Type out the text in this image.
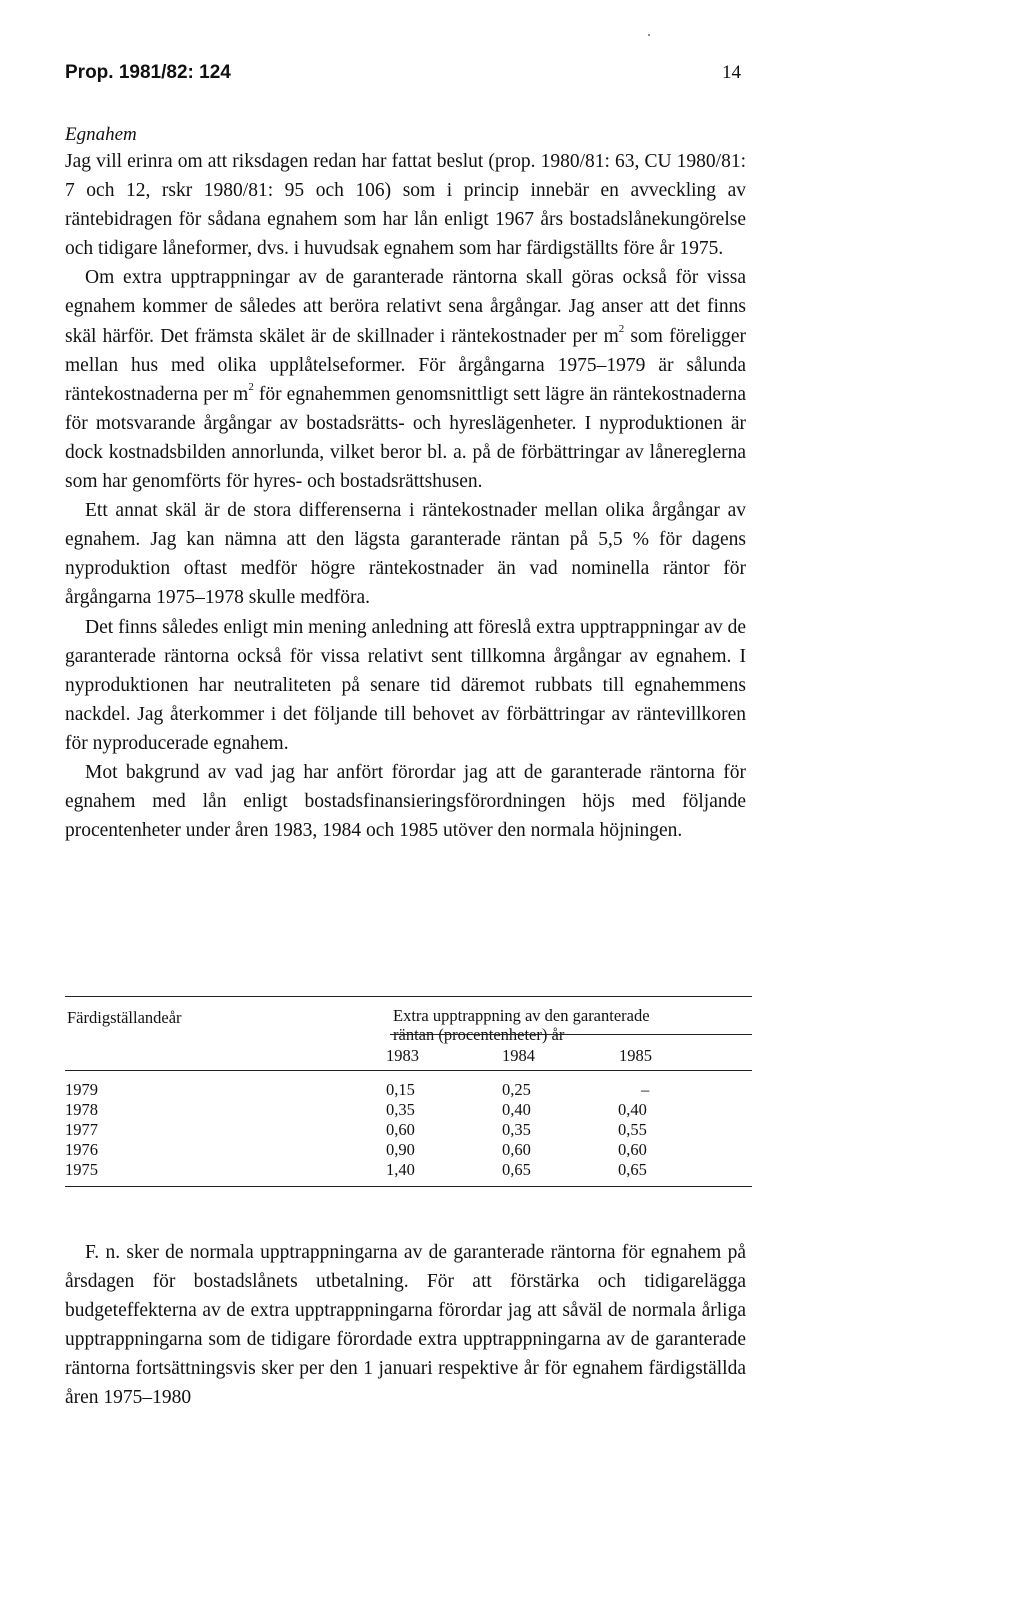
Prop. 1981/82: 124	14
Egnahem

Jag vill erinra om att riksdagen redan har fattat beslut (prop. 1980/81: 63, CU 1980/81: 7 och 12, rskr 1980/81: 95 och 106) som i princip innebär en avveckling av räntebidragen för sådana egnahem som har lån enligt 1967 års bostadslånekungörelse och tidigare låneformer, dvs. i huvudsak egnahem som har färdigställts före år 1975.

Om extra upptrappningar av de garanterade räntorna skall göras också för vissa egnahem kommer de således att beröra relativt sena årgångar. Jag anser att det finns skäl härför. Det främsta skälet är de skillnader i räntekostnader per $m^2$ som föreligger mellan hus med olika upplåtelseformer. För årgångarna 1975–1979 är sålunda räntekostnaderna per $m^2$ för egnahemmen genomsnittligt sett lägre än räntekostnaderna för motsvarande årgångar av bostadsrätts- och hyreslägenheter. I nyproduktionen är dock kostnadsbilden annorlunda, vilket beror bl. a. på de förbättringar av lånereglerna som har genomförts för hyres- och bostadsrättshusen.

Ett annat skäl är de stora differenserna i räntekostnader mellan olika årgångar av egnahem. Jag kan nämna att den lägsta garanterade räntan på 5,5 % för dagens nyproduktion oftast medför högre räntekostnader än vad nominella räntor för årgångarna 1975–1978 skulle medföra.

Det finns således enligt min mening anledning att föreslå extra upptrappningar av de garanterade räntorna också för vissa relativt sent tillkomna årgångar av egnahem. I nyproduktionen har neutraliteten på senare tid däremot rubbats till egnahemmens nackdel. Jag återkommer i det följande till behovet av förbättringar av räntevillkoren för nyproducerade egnahem.

Mot bakgrund av vad jag har anfört förordar jag att de garanterade räntorna för egnahem med lån enligt bostadsfinansieringsförordningen höjs med följande procentenheter under åren 1983, 1984 och 1985 utöver den normala höjningen.

Färdigställandeår	Extra upptrappning av den garanterade
räntan (procentenheter) år
1983	1984	1985
1979	0,15	0,25	–
1978	0,35	0,40	0,40
1977	0,60	0,35	0,55
1976	0,90	0,60	0,60
1975	1,40	0,65	0,65

F. n. sker de normala upptrappningarna av de garanterade räntorna för egnahem på årsdagen för bostadslånets utbetalning. För att förstärka och tidigarelägga budgeteffekterna av de extra upptrappningarna förordar jag att såväl de normala årliga upptrappningarna som de tidigare förordade extra upptrappningarna av de garanterade räntorna fortsättningsvis sker per den 1 januari respektive år för egnahem färdigställda åren 1975–1980
